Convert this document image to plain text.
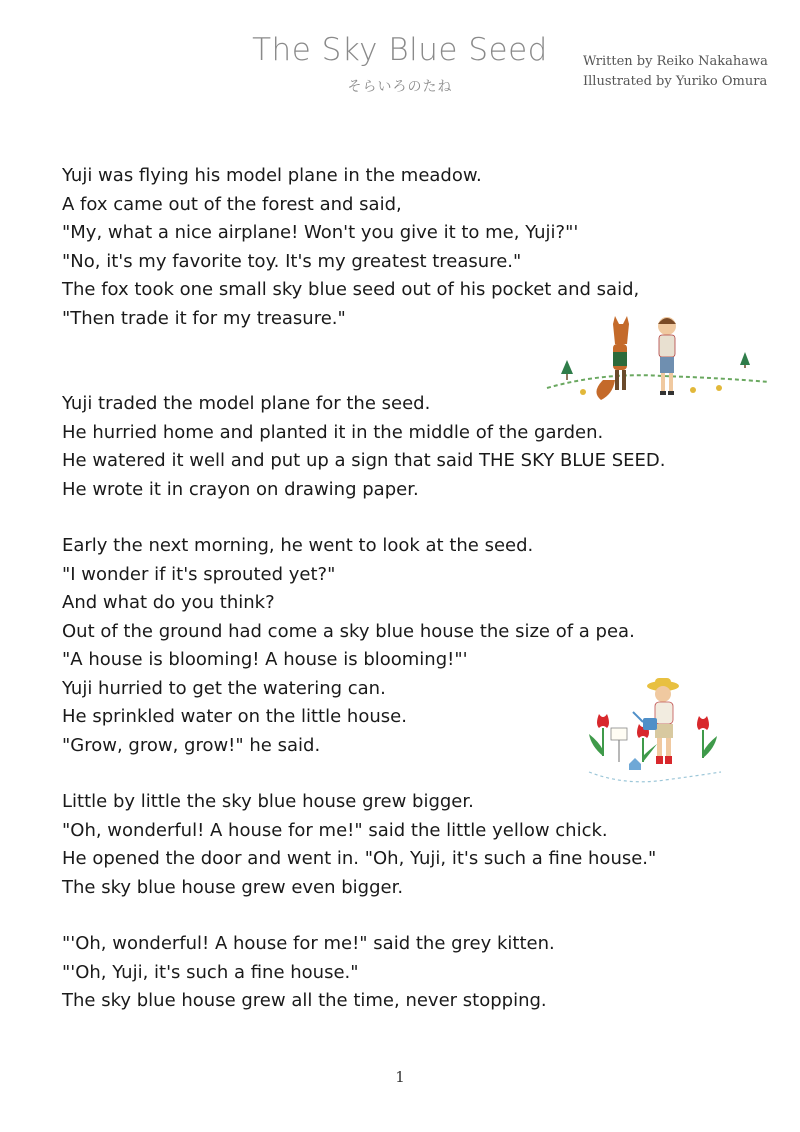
The Sky Blue Seed
そらいろのたね
Written by Reiko Nakahawa
Illustrated by Yuriko Omura
Yuji was flying his model plane in the meadow.
A fox came out of the forest and said,
"My, what a nice airplane! Won't you give it to me, Yuji?"'
"No, it's my favorite toy. It's my greatest treasure."
The fox took one small sky blue seed out of his pocket and said,
"Then trade it for my treasure."
Yuji traded the model plane for the seed.
He hurried home and planted it in the middle of the garden.
He watered it well and put up a sign that said THE SKY BLUE SEED.
He wrote it in crayon on drawing paper.
Early the next morning, he went to look at the seed.
"I wonder if it's sprouted yet?"
And what do you think?
Out of the ground had come a sky blue house the size of a pea.
"A house is blooming! A house is blooming!"'
Yuji hurried to get the watering can.
He sprinkled water on the little house.
"Grow, grow, grow!" he said.
Little by little the sky blue house grew bigger.
"Oh, wonderful! A house for me!" said the little yellow chick.
He opened the door and went in. "Oh, Yuji, it's such a fine house."
The sky blue house grew even bigger.
"'Oh, wonderful! A house for me!" said the grey kitten.
"'Oh, Yuji, it's such a fine house."
The sky blue house grew all the time, never stopping.
1
